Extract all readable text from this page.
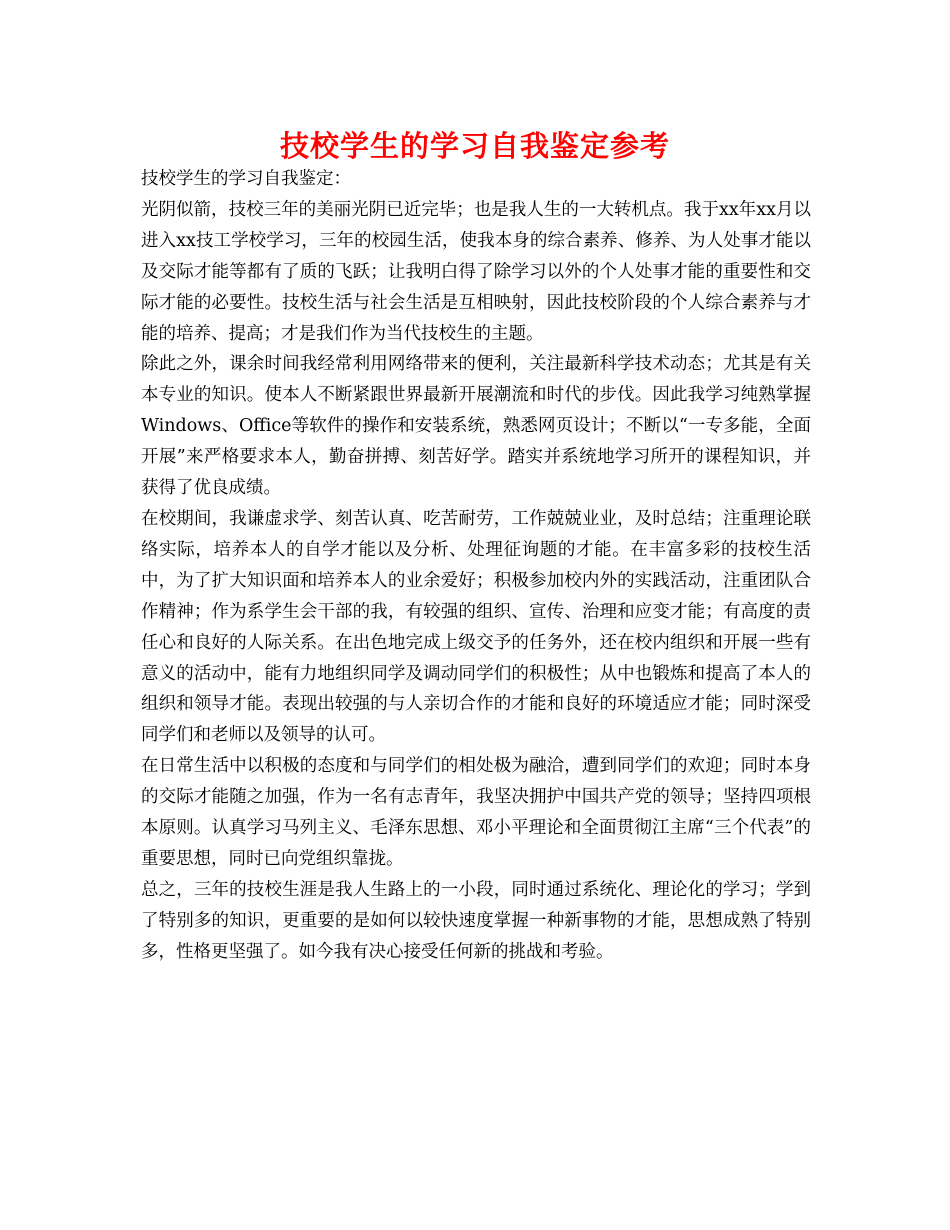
技校学生的学习自我鉴定参考

技校学生的学习自我鉴定：

光阴似箭，技校三年的美丽光阴已近完毕；也是我人生的一大转机点。我于xx年xx月以进入xx技工学校学习，三年的校园生活，使我本身的综合素养、修养、为人处事才能以及交际才能等都有了质的飞跃；让我明白得了除学习以外的个人处事才能的重要性和交际才能的必要性。技校生活与社会生活是互相映射，因此技校阶段的个人综合素养与才能的培养、提高；才是我们作为当代技校生的主题。

除此之外，课余时间我经常利用网络带来的便利，关注最新科学技术动态；尤其是有关本专业的知识。使本人不断紧跟世界最新开展潮流和时代的步伐。因此我学习纯熟掌握Windows、Office等软件的操作和安装系统，熟悉网页设计；不断以“一专多能，全面开展”来严格要求本人，勤奋拼搏、刻苦好学。踏实并系统地学习所开的课程知识，并获得了优良成绩。

在校期间，我谦虚求学、刻苦认真、吃苦耐劳，工作兢兢业业，及时总结；注重理论联络实际，培养本人的自学才能以及分析、处理征询题的才能。在丰富多彩的技校生活中，为了扩大知识面和培养本人的业余爱好；积极参加校内外的实践活动，注重团队合作精神；作为系学生会干部的我，有较强的组织、宣传、治理和应变才能；有高度的责任心和良好的人际关系。在出色地完成上级交予的任务外，还在校内组织和开展一些有意义的活动中，能有力地组织同学及调动同学们的积极性；从中也锻炼和提高了本人的组织和领导才能。表现出较强的与人亲切合作的才能和良好的环境适应才能；同时深受同学们和老师以及领导的认可。

在日常生活中以积极的态度和与同学们的相处极为融洽，遭到同学们的欢迎；同时本身的交际才能随之加强，作为一名有志青年，我坚决拥护中国共产党的领导；坚持四项根本原则。认真学习马列主义、毛泽东思想、邓小平理论和全面贯彻江主席“三个代表”的重要思想，同时已向党组织靠拢。

总之，三年的技校生涯是我人生路上的一小段，同时通过系统化、理论化的学习；学到了特别多的知识，更重要的是如何以较快速度掌握一种新事物的才能，思想成熟了特别多，性格更坚强了。如今我有决心接受任何新的挑战和考验。
